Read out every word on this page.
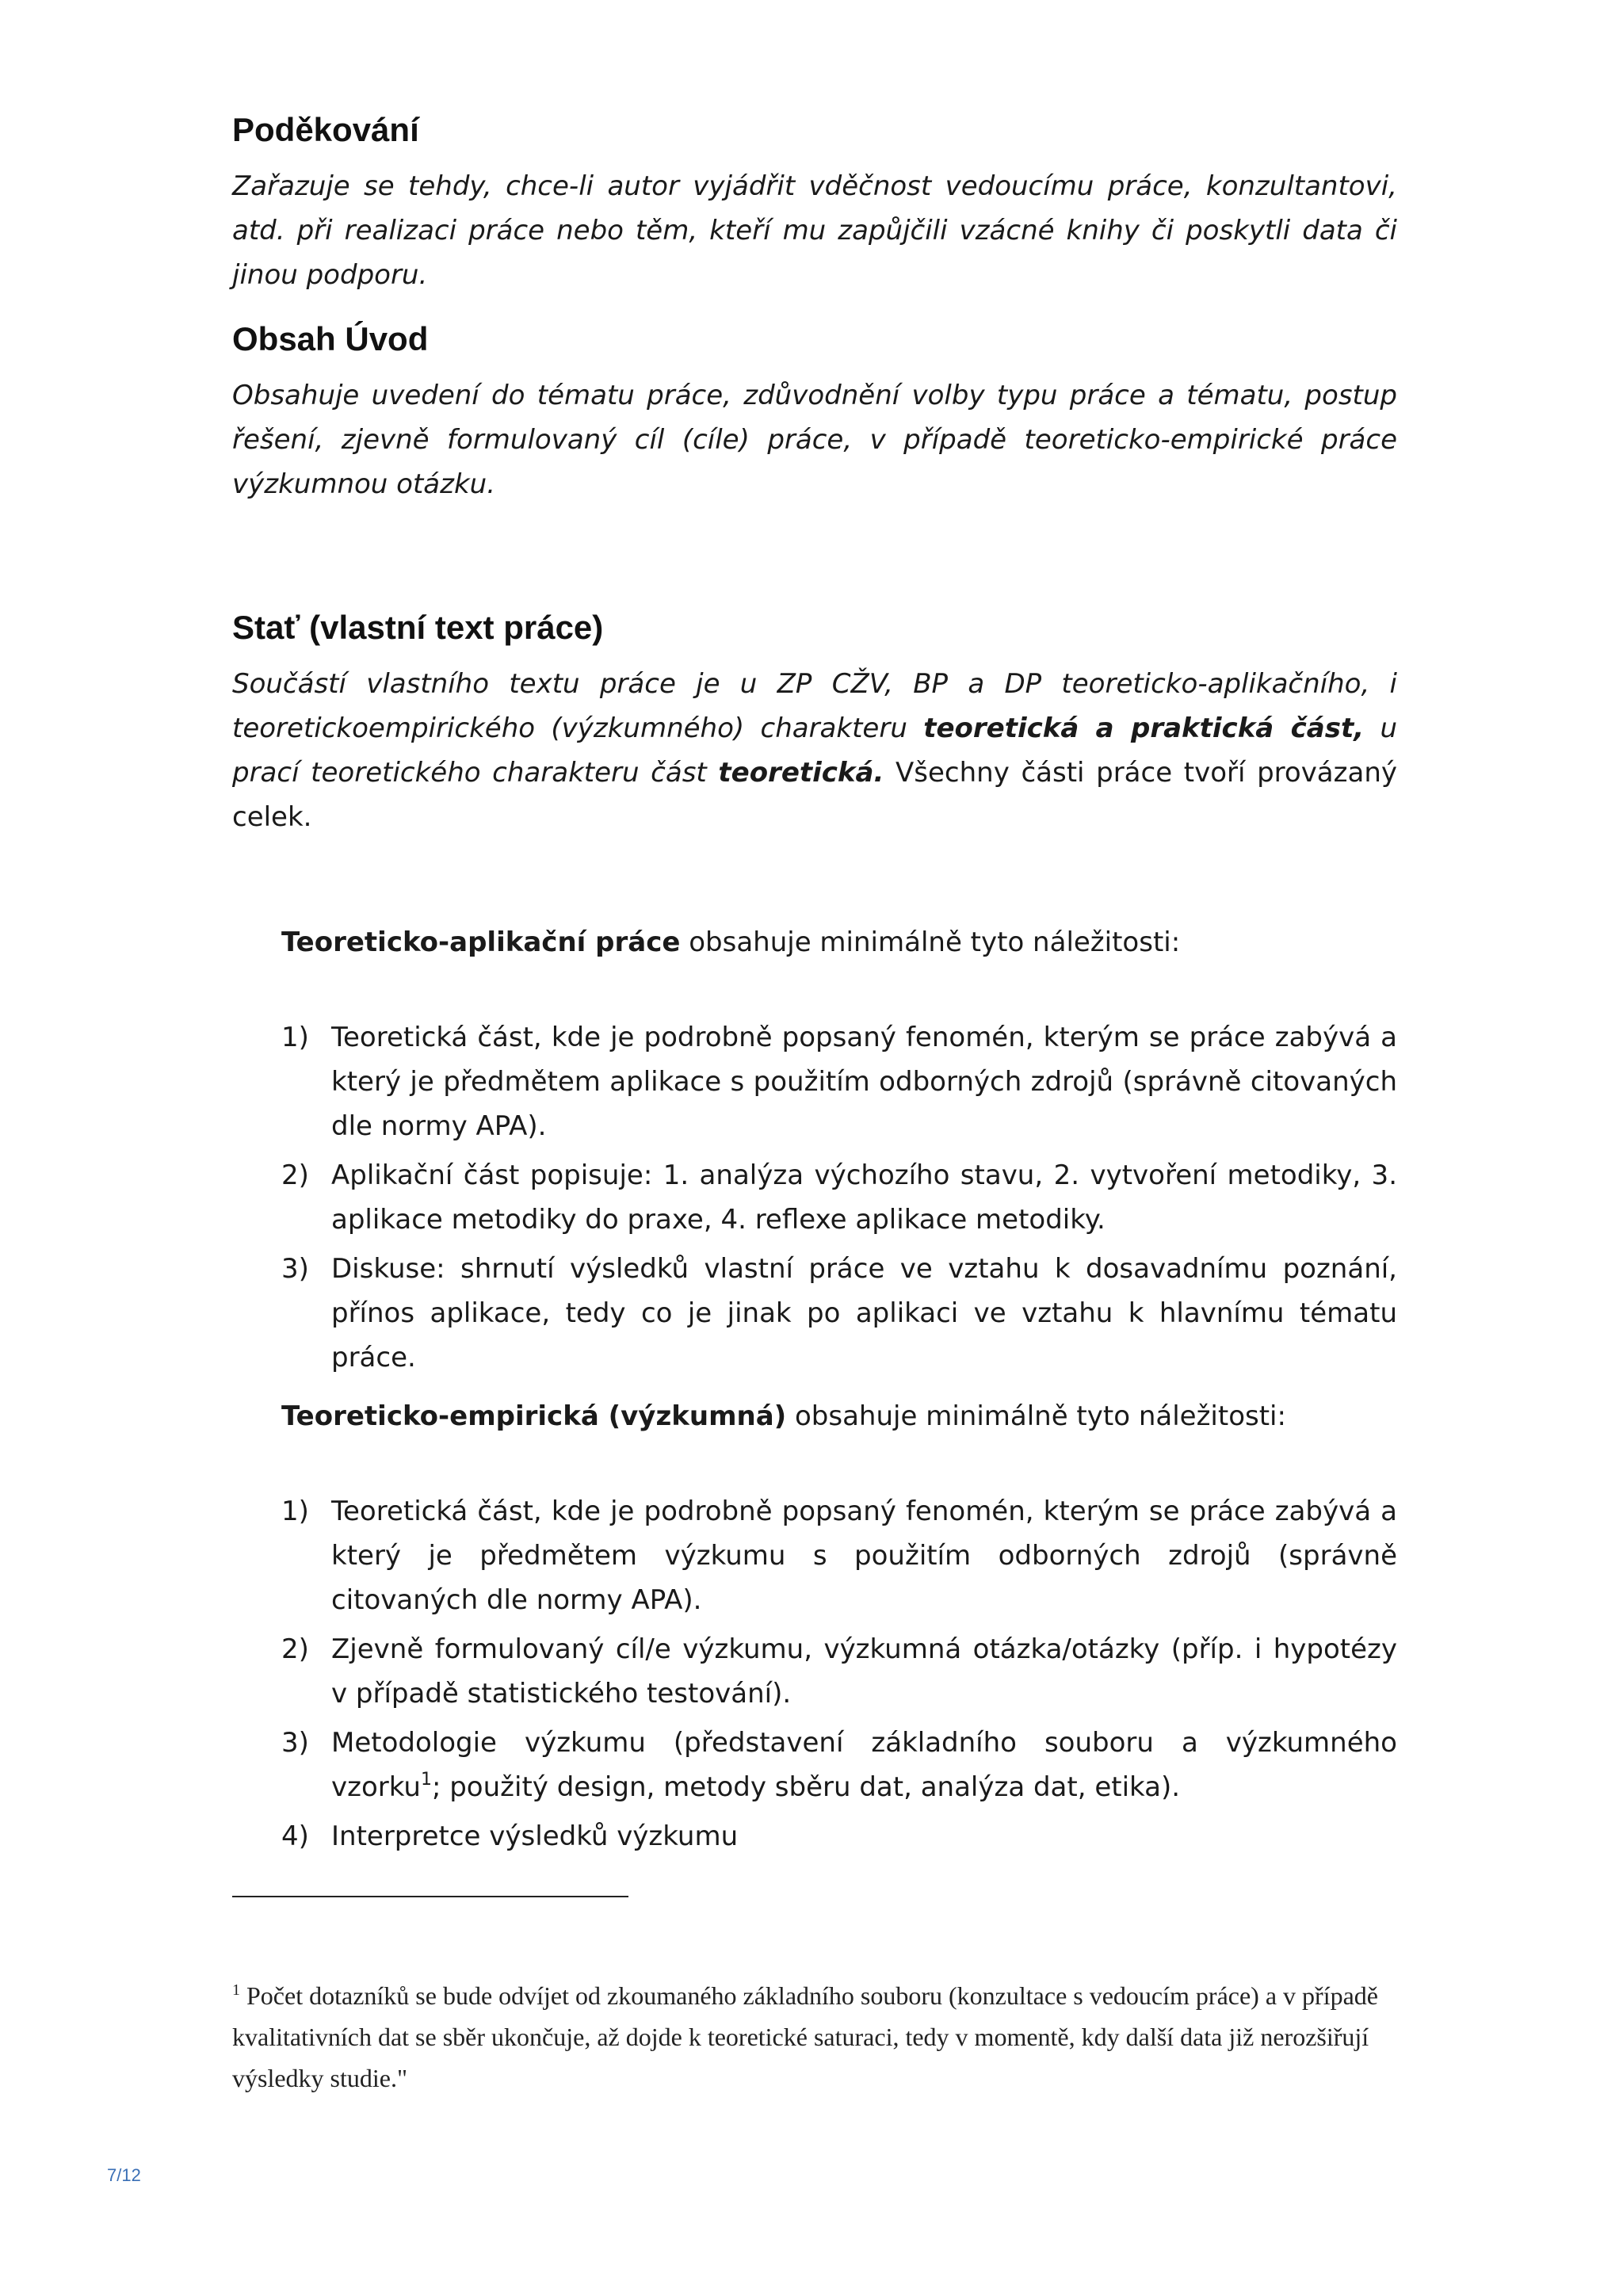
Poděkování

Zařazuje se tehdy, chce-li autor vyjádřit vděčnost vedoucímu práce, konzultantovi, atd. při realizaci práce nebo těm, kteří mu zapůjčili vzácné knihy či poskytli data či jinou podporu.

Obsah Úvod

Obsahuje uvedení do tématu práce, zdůvodnění volby typu práce a tématu, postup řešení, zjevně formulovaný cíl (cíle) práce, v případě teoreticko-empirické práce výzkumnou otázku.

Stať (vlastní text práce)

Součástí vlastního textu práce je u ZP CŽV, BP a DP teoreticko-aplikačního, i teoretickoempirického (výzkumného) charakteru teoretická a praktická část, u prací teoretického charakteru část teoretická. Všechny části práce tvoří provázaný celek.

Teoreticko-aplikační práce obsahuje minimálně tyto náležitosti:

1) Teoretická část, kde je podrobně popsaný fenomén, kterým se práce zabývá a který je předmětem aplikace s použitím odborných zdrojů (správně citovaných dle normy APA).
2) Aplikační část popisuje: 1. analýza výchozího stavu, 2. vytvoření metodiky, 3. aplikace metodiky do praxe, 4. reflexe aplikace metodiky.
3) Diskuse: shrnutí výsledků vlastní práce ve vztahu k dosavadnímu poznání, přínos aplikace, tedy co je jinak po aplikaci ve vztahu k hlavnímu tématu práce.

Teoreticko-empirická (výzkumná) obsahuje minimálně tyto náležitosti:

1) Teoretická část, kde je podrobně popsaný fenomén, kterým se práce zabývá a který je předmětem výzkumu s použitím odborných zdrojů (správně citovaných dle normy APA).
2) Zjevně formulovaný cíl/e výzkumu, výzkumná otázka/otázky (příp. i hypotézy v případě statistického testování).
3) Metodologie výzkumu (představení základního souboru a výzkumného vzorku$^1$; použitý design, metody sběru dat, analýza dat, etika).
4) Interpretce výsledků výzkumu
$^1$ Počet dotazníků se bude odvíjet od zkoumaného základního souboru (konzultace s vedoucím práce) a v případě kvalitativních dat se sběr ukončuje, až dojde k teoretické saturaci, tedy v momentě, kdy další data již nerozšiřují výsledky studie."
7/12
